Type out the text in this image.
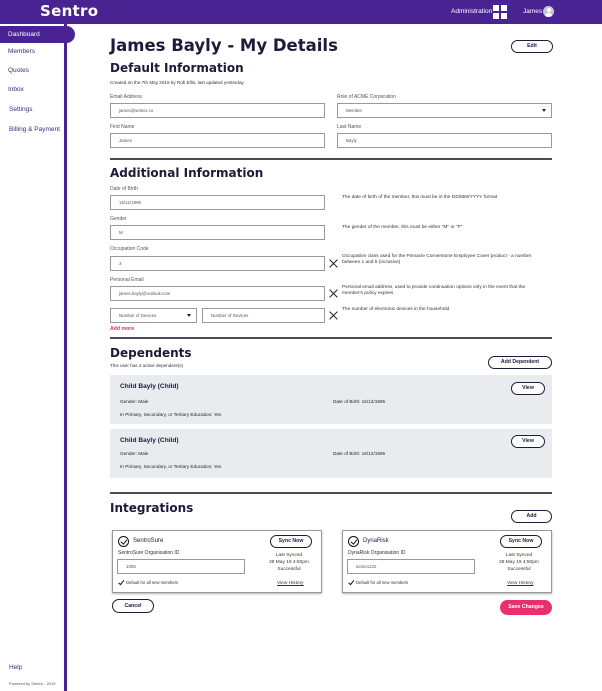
Sentro	Administration	James
Dashboard
Members
Quotes
Inbox
Settings
Billing & Payment
Help
Powered by Sentro - 2019
James Bayly - My Details	Edit
Default Information
Created on the 7th May 2019 by Rob Ellis, last updated yesterday
Email Address
james@sentro.co
Role of ACME Corporation
Member
First Name
James
Last Name
Bayly
Additional Information
Date of Birth
16/12/1995
The date of birth of the member, this must be in the DD/MM/YYYY format
Gender
M
The gender of the member, this must be either "M" or "F"
Occupation Code
3
Occupation class used for the Pinnacle Cornerstone Employee Cover product - a number between 1 and 5 (inclusive)
Personal Email
james.bayly@outlook.com
Personal email address, used to provide continuation options only in the event that the member's policy expires
Number of Devices	Number of Devices
The number of electronic devices in the household
Add more
Dependents
This user has 2 active dependent(s)
Add Dependent
Child Bayly (Child)
Gender: Male	Date of Birth: 16/12/1995
In Primary, Secondary, or Tertiary Education: Yes
View
Child Bayly (Child)
Gender: Male	Date of Birth: 16/12/1995
In Primary, Secondary, or Tertiary Education: Yes
View
Integrations
Add
SentroSure	Sync Now
SentroSure Organisation ID
1005
Default for all new members
Last Synced
28 May 19 4:50pm
Successful
View History
DynaRisk	Sync Now
DynaRisk Organisation ID
acme1222
Default for all new members
Last Synced
28 May 19 4:50pm
Successful
View History
Cancel	Save Changes
